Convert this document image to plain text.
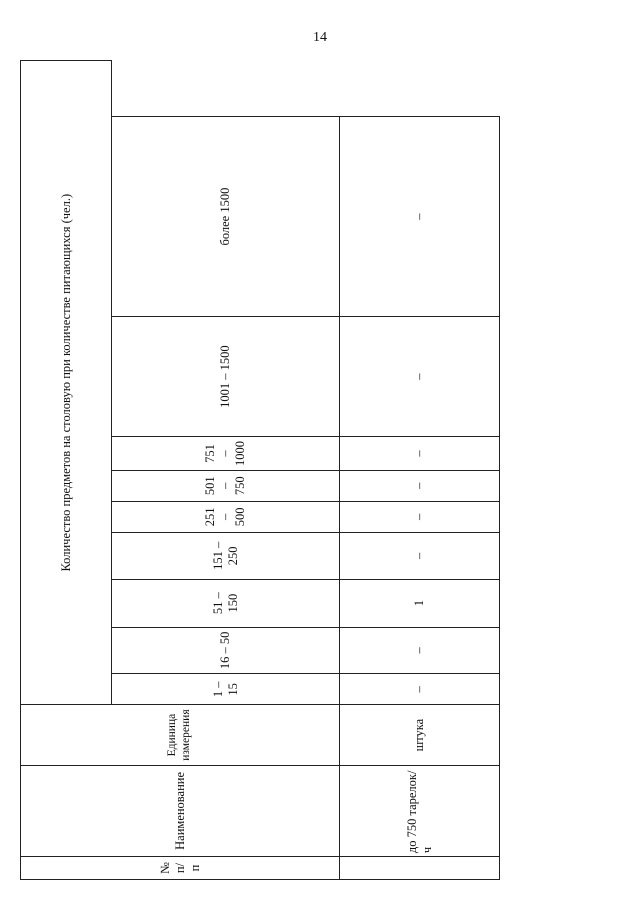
14
№ п/п	Наименование	Единица измерения	Количество предметов на столовую при количестве питающихся (чел.)								
			1 – 15	16 – 50	51 – 150	151 – 250	251 – 500	501 – 750	751 – 1000	1001 – 1500	более 1500
	до 750 тарелок/ч	штука	–	–	1	–	–	–	–	–	–
